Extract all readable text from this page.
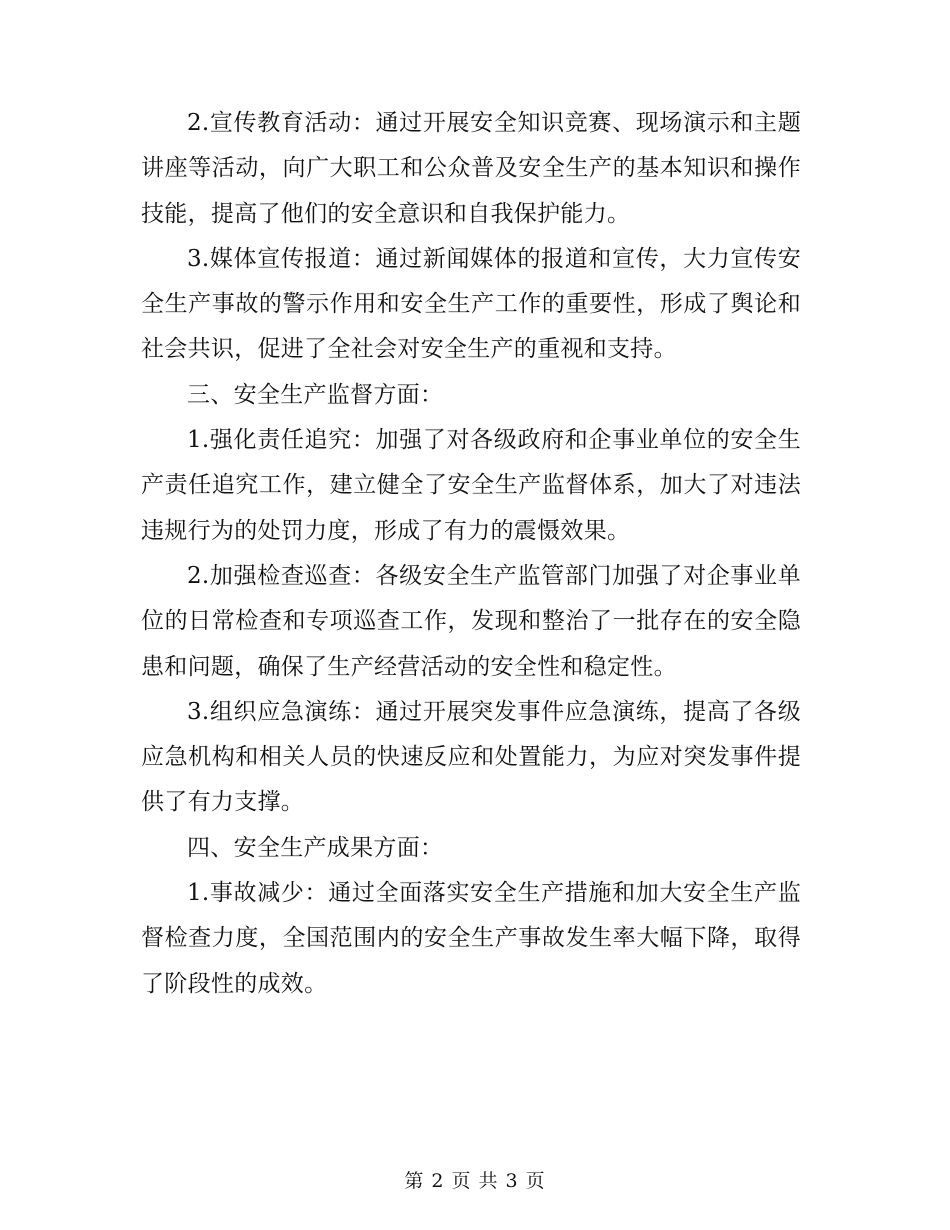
2.宣传教育活动：通过开展安全知识竞赛、现场演示和主题讲座等活动，向广大职工和公众普及安全生产的基本知识和操作技能，提高了他们的安全意识和自我保护能力。

3.媒体宣传报道：通过新闻媒体的报道和宣传，大力宣传安全生产事故的警示作用和安全生产工作的重要性，形成了舆论和社会共识，促进了全社会对安全生产的重视和支持。

三、安全生产监督方面：

1.强化责任追究：加强了对各级政府和企事业单位的安全生产责任追究工作，建立健全了安全生产监督体系，加大了对违法违规行为的处罚力度，形成了有力的震慑效果。

2.加强检查巡查：各级安全生产监管部门加强了对企事业单位的日常检查和专项巡查工作，发现和整治了一批存在的安全隐患和问题，确保了生产经营活动的安全性和稳定性。

3.组织应急演练：通过开展突发事件应急演练，提高了各级应急机构和相关人员的快速反应和处置能力，为应对突发事件提供了有力支撑。

四、安全生产成果方面：

1.事故减少：通过全面落实安全生产措施和加大安全生产监督检查力度，全国范围内的安全生产事故发生率大幅下降，取得了阶段性的成效。

第 2 页 共 3 页
